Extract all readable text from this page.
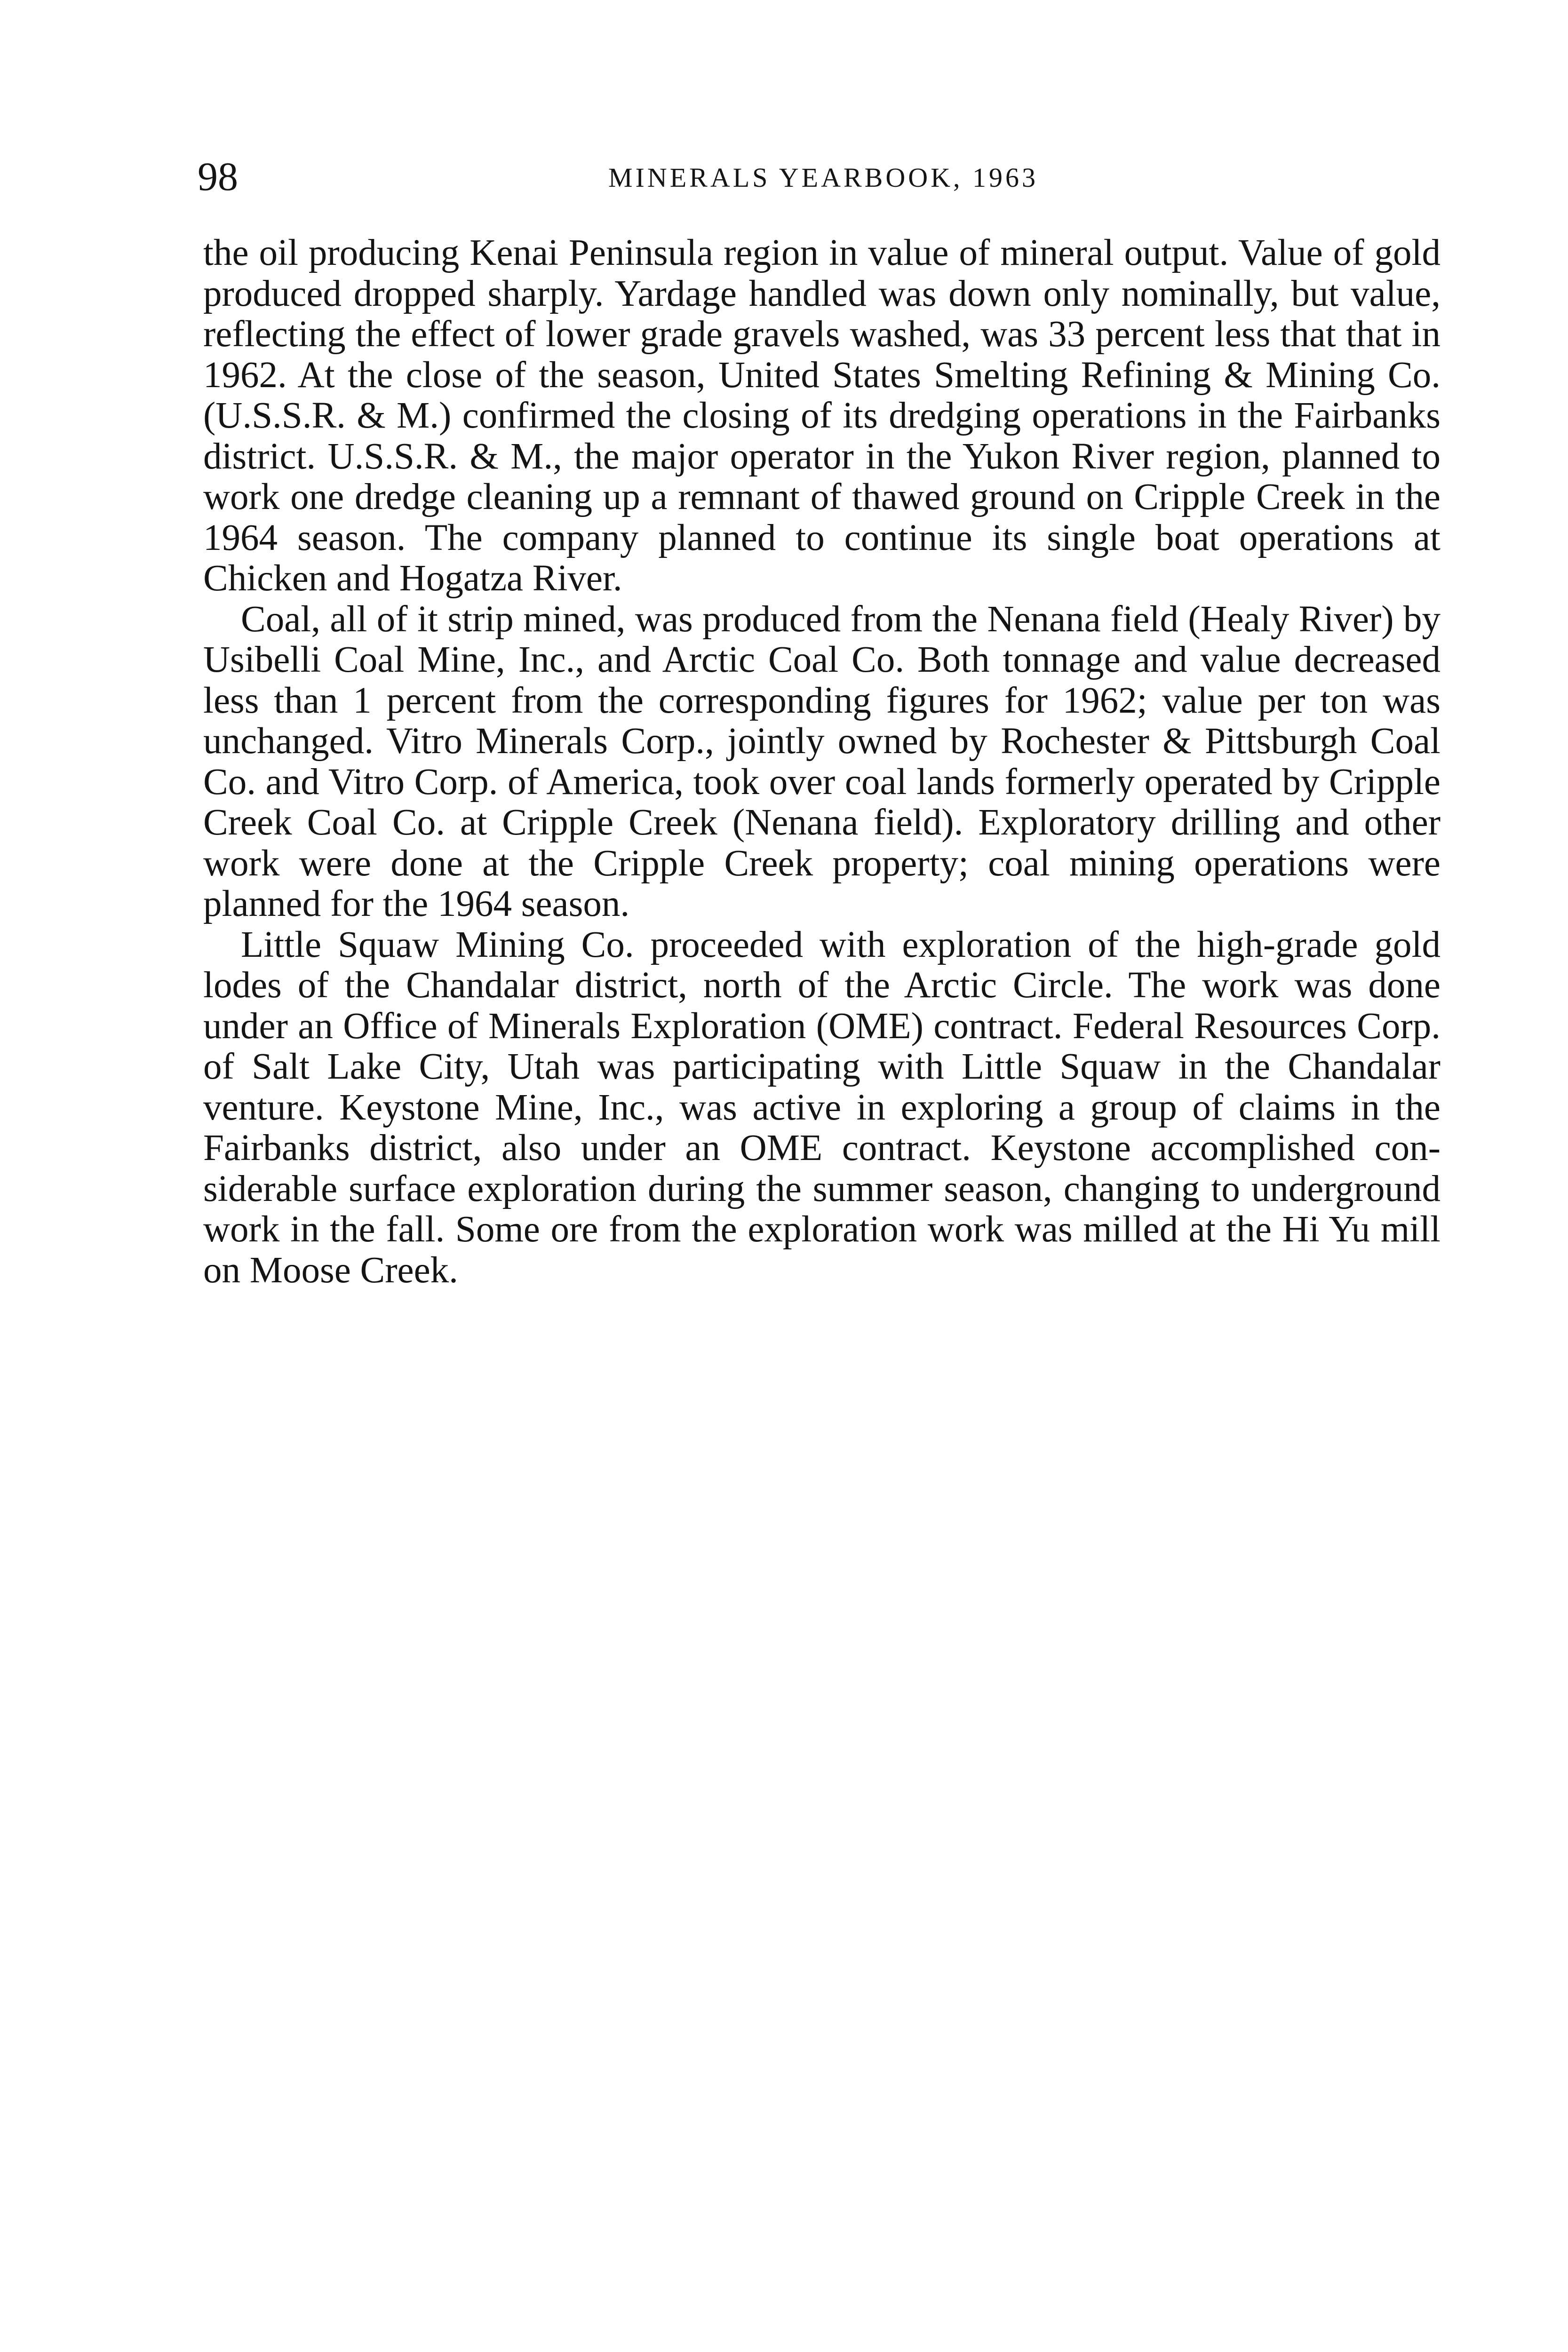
98	MINERALS YEARBOOK, 1963

the oil producing Kenai Peninsula region in value of mineral output. Value of gold produced dropped sharply. Yardage handled was down only nominally, but value, reflecting the effect of lower grade gravels washed, was 33 percent less that that in 1962. At the close of the season, United States Smelting Refining & Mining Co. (U.S.S.R. & M.) confirmed the closing of its dredging operations in the Fairbanks district. U.S.S.R. & M., the major operator in the Yukon River region, planned to work one dredge cleaning up a remnant of thawed ground on Cripple Creek in the 1964 season. The company planned to continue its single boat operations at Chicken and Hogatza River.

Coal, all of it strip mined, was produced from the Nenana field (Healy River) by Usibelli Coal Mine, Inc., and Arctic Coal Co. Both tonnage and value decreased less than 1 percent from the corresponding figures for 1962; value per ton was unchanged. Vitro Minerals Corp., jointly owned by Rochester & Pittsburgh Coal Co. and Vitro Corp. of America, took over coal lands formerly operated by Cripple Creek Coal Co. at Cripple Creek (Nenana field). Exploratory drilling and other work were done at the Cripple Creek property; coal mining operations were planned for the 1964 season.

Little Squaw Mining Co. proceeded with exploration of the high-grade gold lodes of the Chandalar district, north of the Arctic Circle. The work was done under an Office of Minerals Exploration (OME) contract. Federal Resources Corp. of Salt Lake City, Utah was participating with Little Squaw in the Chandalar venture. Keystone Mine, Inc., was active in exploring a group of claims in the Fairbanks district, also under an OME contract. Keystone accomplished considerable surface exploration during the summer season, changing to underground work in the fall. Some ore from the exploration work was milled at the Hi Yu mill on Moose Creek.
